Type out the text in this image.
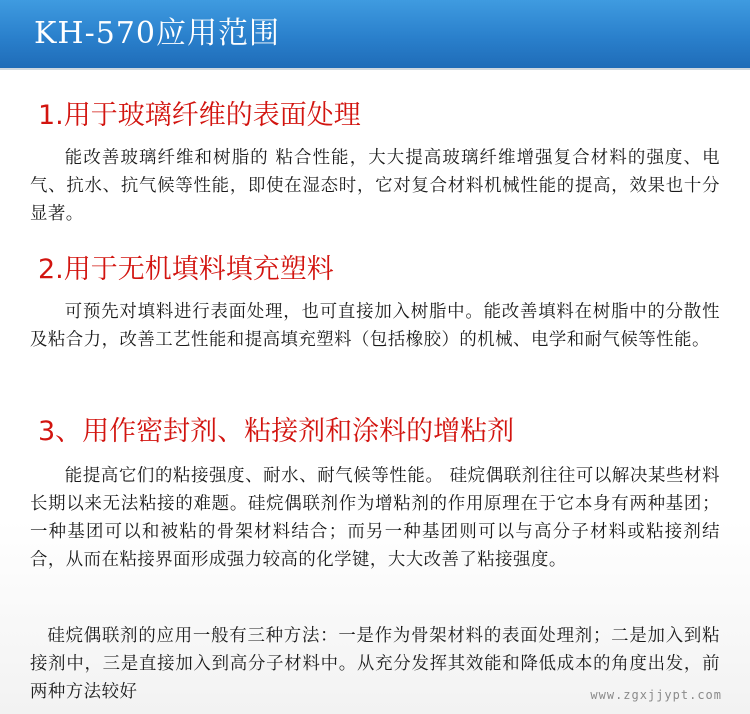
KH-570应用范围
1.用于玻璃纤维的表面处理
能改善玻璃纤维和树脂的 粘合性能，大大提高玻璃纤维增强复合材料的强度、电气、抗水、抗气候等性能，即使在湿态时，它对复合材料机械性能的提高，效果也十分显著。
2.用于无机填料填充塑料
可预先对填料进行表面处理，也可直接加入树脂中。能改善填料在树脂中的分散性及粘合力，改善工艺性能和提高填充塑料（包括橡胶）的机械、电学和耐气候等性能。
3、用作密封剂、粘接剂和涂料的增粘剂
能提高它们的粘接强度、耐水、耐气候等性能。 硅烷偶联剂往往可以解决某些材料长期以来无法粘接的难题。硅烷偶联剂作为增粘剂的作用原理在于它本身有两种基团；一种基团可以和被粘的骨架材料结合；而另一种基团则可以与高分子材料或粘接剂结合，从而在粘接界面形成强力较高的化学键，大大改善了粘接强度。
硅烷偶联剂的应用一般有三种方法：一是作为骨架材料的表面处理剂；二是加入到粘接剂中，三是直接加入到高分子材料中。从充分发挥其效能和降低成本的角度出发，前两种方法较好	www.zgxjjypt.com
